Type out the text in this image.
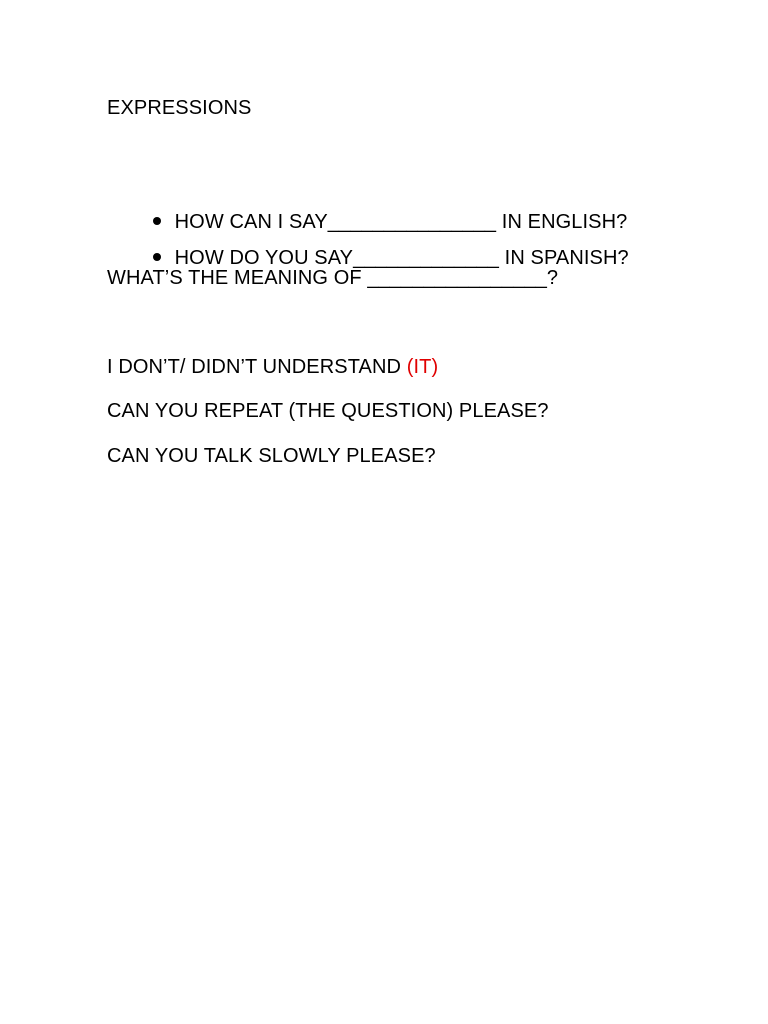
EXPRESSIONS

HOW CAN I SAY_______________ IN ENGLISH?

HOW DO YOU SAY_____________ IN SPANISH?

WHAT’S THE MEANING OF ________________?
I DON’T/ DIDN’T UNDERSTAND (IT)
CAN YOU REPEAT (THE QUESTION) PLEASE?
CAN YOU TALK SLOWLY PLEASE?
